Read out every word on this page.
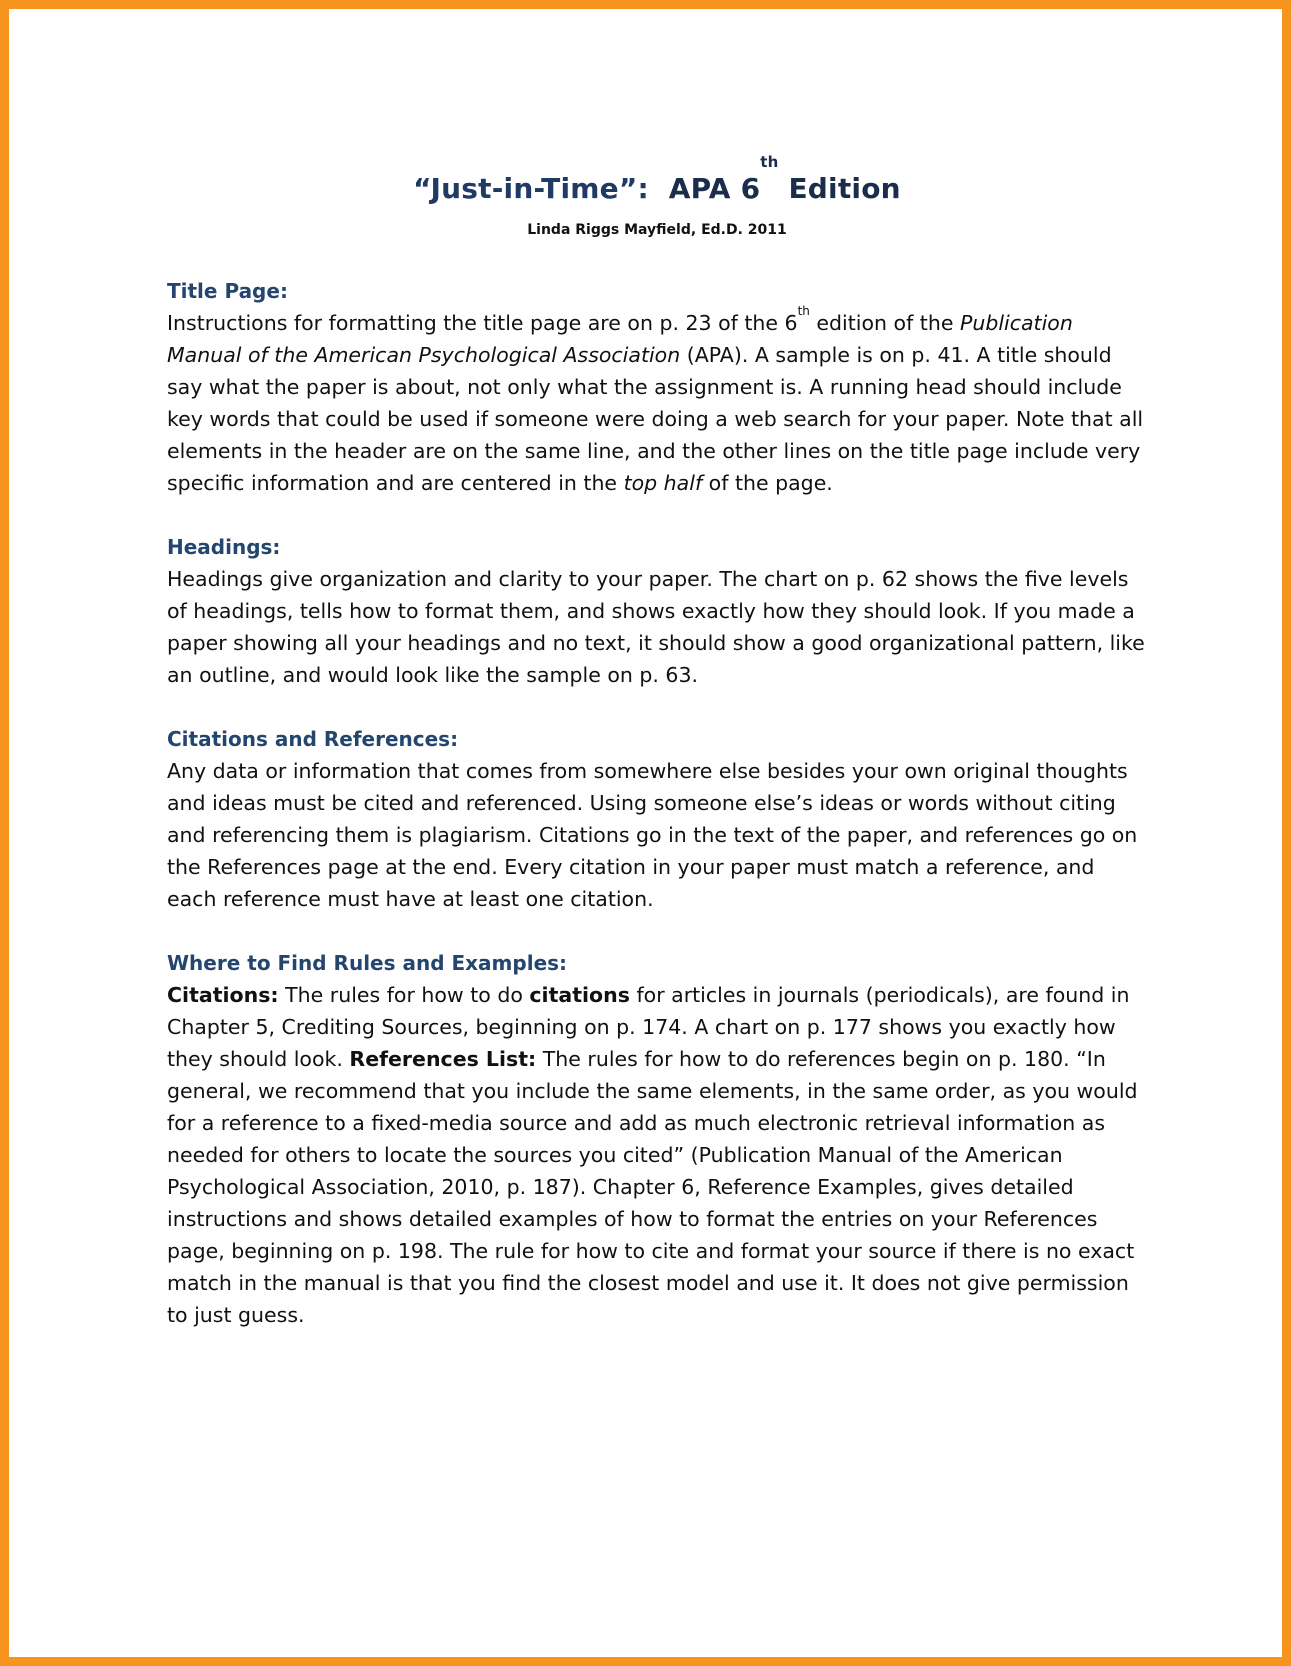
“Just-in-Time”: APA 6th Edition

Linda Riggs Mayfield, Ed.D. 2011

Title Page:

Instructions for formatting the title page are on p. 23 of the 6th edition of the Publication Manual of the American Psychological Association (APA). A sample is on p. 41. A title should say what the paper is about, not only what the assignment is. A running head should include key words that could be used if someone were doing a web search for your paper. Note that all elements in the header are on the same line, and the other lines on the title page include very specific information and are centered in the top half of the page.

Headings:

Headings give organization and clarity to your paper. The chart on p. 62 shows the five levels of headings, tells how to format them, and shows exactly how they should look. If you made a paper showing all your headings and no text, it should show a good organizational pattern, like an outline, and would look like the sample on p. 63.

Citations and References:

Any data or information that comes from somewhere else besides your own original thoughts and ideas must be cited and referenced. Using someone else’s ideas or words without citing and referencing them is plagiarism. Citations go in the text of the paper, and references go on the References page at the end. Every citation in your paper must match a reference, and each reference must have at least one citation.

Where to Find Rules and Examples:

Citations: The rules for how to do citations for articles in journals (periodicals), are found in Chapter 5, Crediting Sources, beginning on p. 174. A chart on p. 177 shows you exactly how they should look. References List: The rules for how to do references begin on p. 180. “In general, we recommend that you include the same elements, in the same order, as you would for a reference to a fixed-media source and add as much electronic retrieval information as needed for others to locate the sources you cited” (Publication Manual of the American Psychological Association, 2010, p. 187). Chapter 6, Reference Examples, gives detailed instructions and shows detailed examples of how to format the entries on your References page, beginning on p. 198. The rule for how to cite and format your source if there is no exact match in the manual is that you find the closest model and use it. It does not give permission to just guess.
